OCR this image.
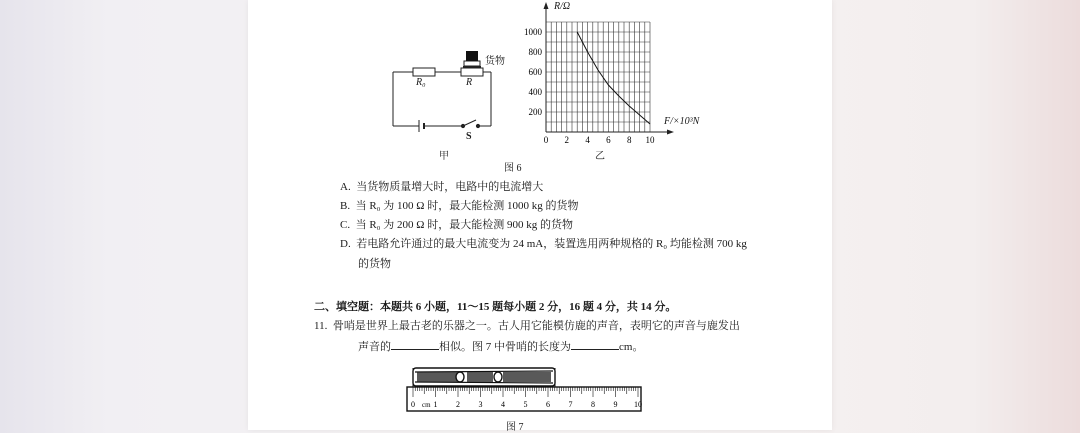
R₀	R
货物
S
甲
1000
800
600
400
200
0 2 4 6 8 10
R/Ω
F/×10³N
乙
图 6
A. 当货物质量增大时，电路中的电流增大
B. 当 R₀ 为 100 Ω 时，最大能检测 1000 kg 的货物
C. 当 R₀ 为 200 Ω 时，最大能检测 900 kg 的货物
D. 若电路允许通过的最大电流变为 24 mA，装置选用两种规格的 R₀ 均能检测 700 kg
的货物
二、填空题：本题共 6 小题，11～15 题每小题 2 分，16 题 4 分，共 14 分。
11. 骨哨是世界上最古老的乐器之一。古人用它能模仿鹿的声音，表明它的声音与鹿发出
声音的	相似。图 7 中骨哨的长度为	cm。
0 1 2 3 4 5 6 7 8 9 10
cm
图 7
